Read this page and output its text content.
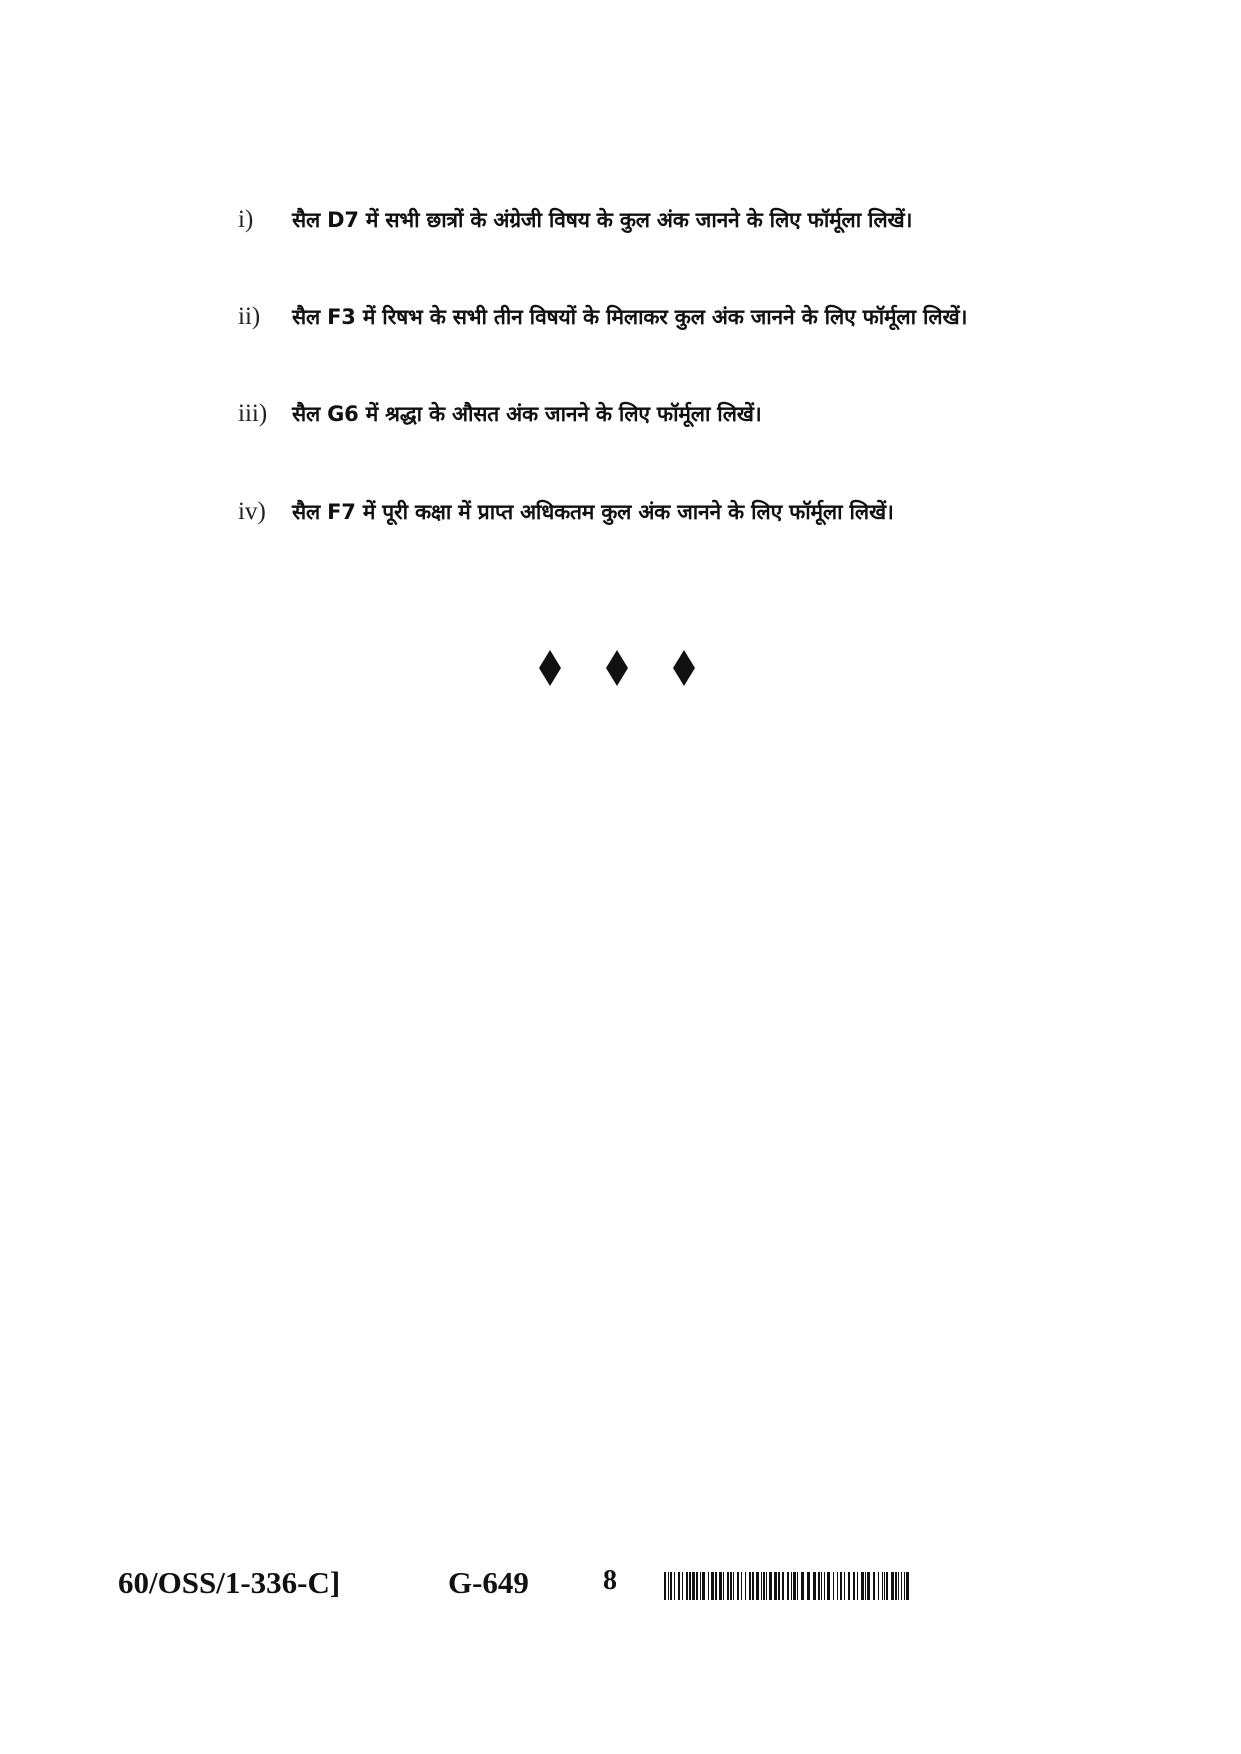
i)	सैल D7 में सभी छात्रों के अंग्रेजी विषय के कुल अंक जानने के लिए फॉर्मूला लिखें।
ii)	सैल F3 में रिषभ के सभी तीन विषयों के मिलाकर कुल अंक जानने के लिए फॉर्मूला लिखें।
iii)	सैल G6 में श्रद्धा के औसत अंक जानने के लिए फॉर्मूला लिखें।
iv)	सैल F7 में पूरी कक्षा में प्राप्त अधिकतम कुल अंक जानने के लिए फॉर्मूला लिखें।
60/OSS/1-336-C]	G-649	8
